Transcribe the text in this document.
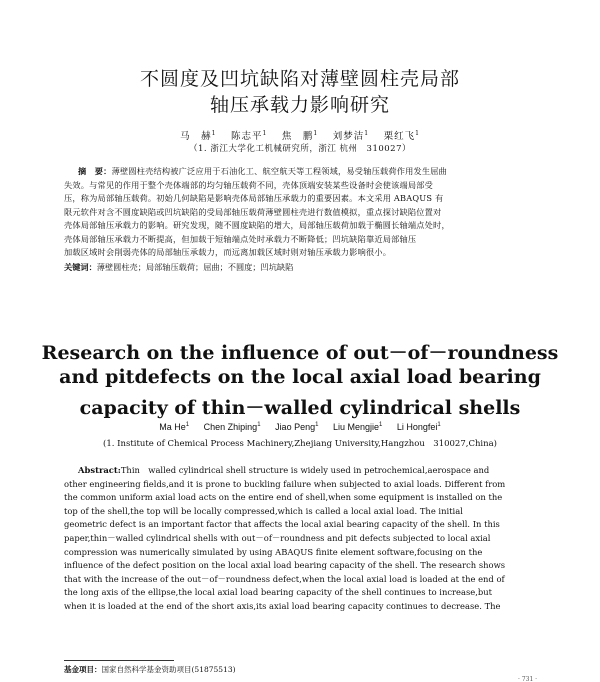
不圆度及凹坑缺陷对薄壁圆柱壳局部
轴压承载力影响研究
马　赫$^1$　 陈志平$^1$　 焦　鹏$^1$　 刘梦洁$^1$　 栗红飞$^1$
（1. 浙江大学化工机械研究所，浙江 杭州　310027）
摘　要：薄壁圆柱壳结构被广泛应用于石油化工、航空航天等工程领域，易受轴压载荷作用发生屈曲
失效。与常见的作用于整个壳体端部的均匀轴压载荷不同，壳体顶端安装某些设备时会使该端局部受
压，称为局部轴压载荷。初始几何缺陷是影响壳体局部轴压承载力的重要因素。本文采用 ABAQUS 有
限元软件对含不圆度缺陷或凹坑缺陷的受局部轴压载荷薄壁圆柱壳进行数值模拟，重点探讨缺陷位置对
壳体局部轴压承载力的影响。研究发现，随不圆度缺陷的增大，局部轴压载荷加载于椭圆长轴端点处时，
壳体局部轴压承载力不断提高，但加载于短轴端点处时承载力不断降低；凹坑缺陷靠近局部轴压
加载区域时会削弱壳体的局部轴压承载力，而远离加载区域时则对轴压承载力影响很小。
关键词：薄壁圆柱壳；局部轴压载荷；屈曲；不圆度；凹坑缺陷
Research on the influence of out－of－roundness
and pitdefects on the local axial load bearing
capacity of thin－walled cylindrical shells
Ma He$^1$ Chen Zhiping$^1$ Jiao Peng$^1$ Liu Mengjie$^1$ Li Hongfei$^1$
(1. Institute of Chemical Process Machinery,Zhejiang University,Hangzhou　310027,China)
Abstract:Thin　walled cylindrical shell structure is widely used in petrochemical,aerospace and
other engineering fields,and it is prone to buckling failure when subjected to axial loads. Different from
the common uniform axial load acts on the entire end of shell,when some equipment is installed on the
top of the shell,the top will be locally compressed,which is called a local axial load. The initial
geometric defect is an important factor that affects the local axial bearing capacity of the shell. In this
paper,thin－walled cylindrical shells with out－of－roundness and pit defects subjected to local axial
compression was numerically simulated by using ABAQUS finite element software,focusing on the
influence of the defect position on the local axial load bearing capacity of the shell. The research shows
that with the increase of the out－of－roundness defect,when the local axial load is loaded at the end of
the long axis of the ellipse,the local axial load bearing capacity of the shell continues to increase,but
when it is loaded at the end of the short axis,its axial load bearing capacity continues to decrease. The
基金项目：国家自然科学基金资助项目(51875513)
· 731 ·
